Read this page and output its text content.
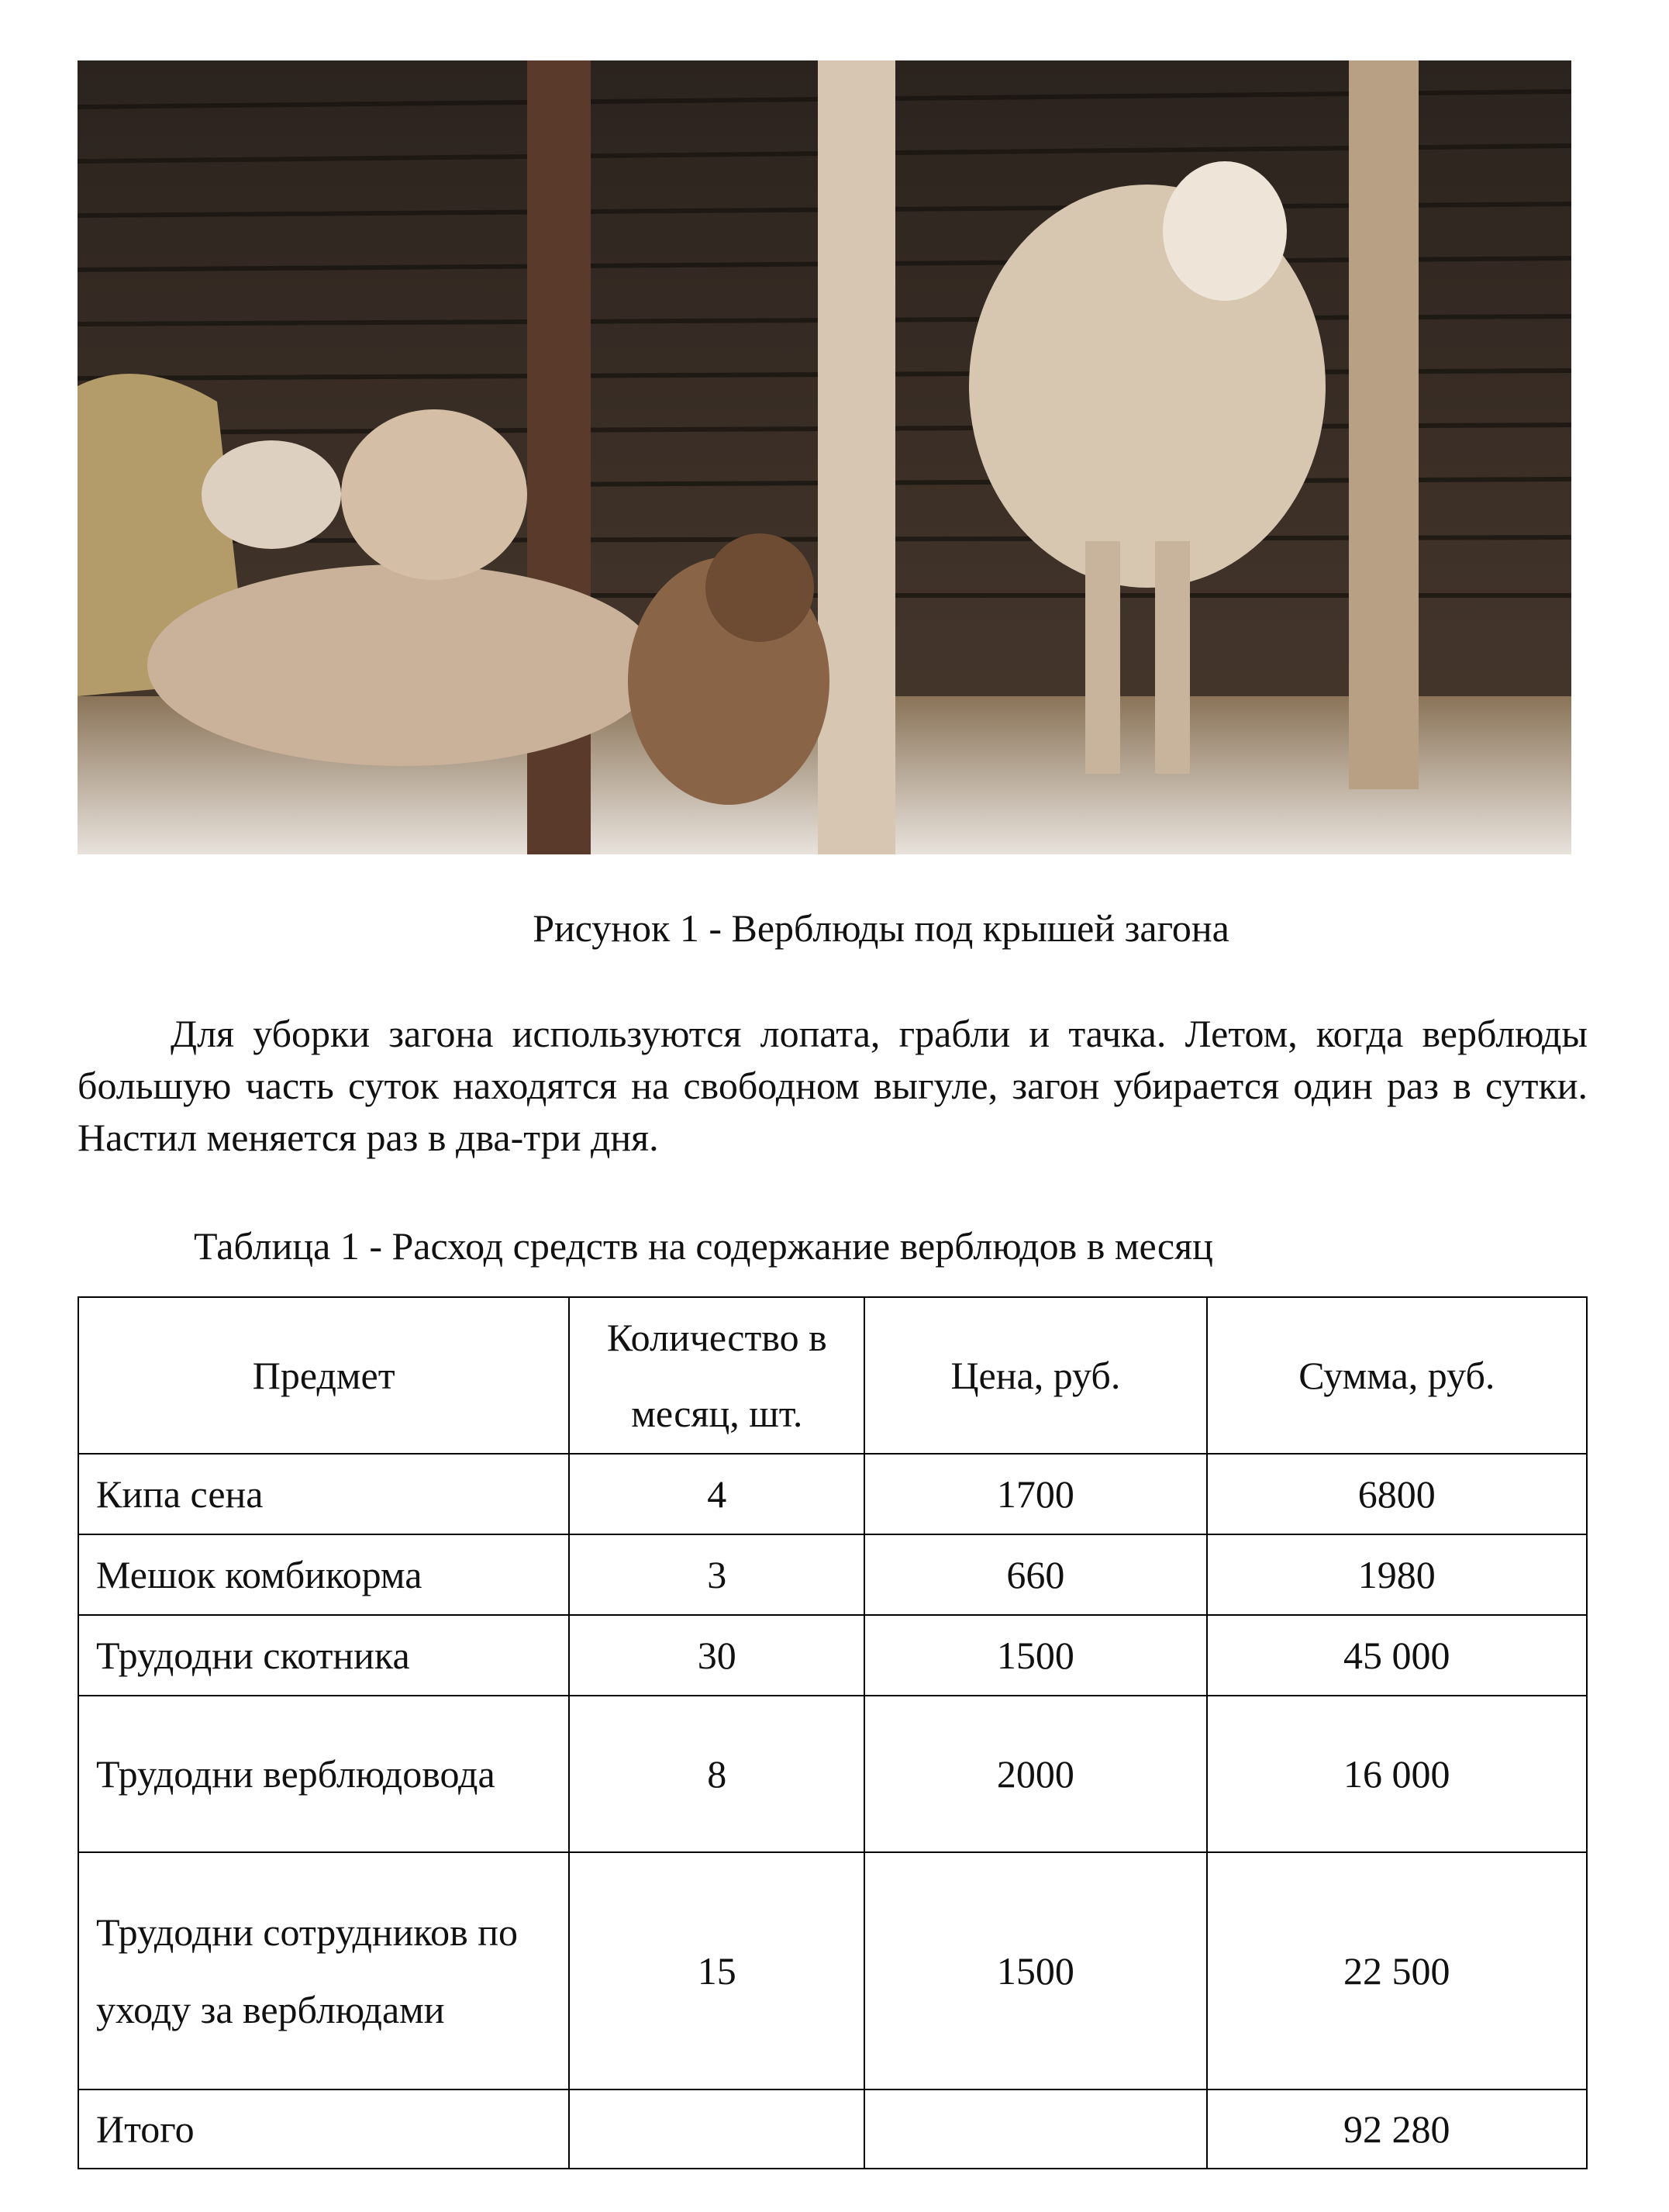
Рисунок 1 - Верблюды под крышей загона
Для уборки загона используются лопата, грабли и тачка. Летом, когда верблюды большую часть суток находятся на свободном выгуле, загон убирается один раз в сутки. Настил меняется раз в два-три дня.
Таблица 1 - Расход средств на содержание верблюдов в месяц
Предмет	Количество в месяц, шт.	Цена, руб.	Сумма, руб.
Кипа сена	4	1700	6800
Мешок комбикорма	3	660	1980
Трудодни скотника	30	1500	45 000
Трудодни верблюдовода	8	2000	16 000
Трудодни сотрудников по уходу за верблюдами	15	1500	22 500
Итого			92 280
